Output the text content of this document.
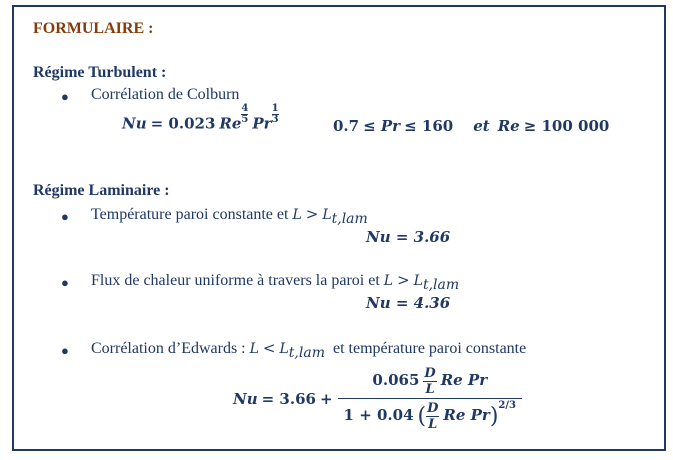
FORMULAIRE :
Régime Turbulent :
● Corrélation de Colburn
Nu = 0.023 Re $\frac{4}{5}$ Pr $\frac{1}{3}$
0.7 ≤ Pr ≤ 160 et Re ≥ 100 000
Régime Laminaire :
● Température paroi constante et $L > L_{t,lam}$
Nu = 3.66
● Flux de chaleur uniforme à travers la paroi et $L > L_{t,lam}$
Nu = 4.36
● Corrélation d’Edwards : $L < L_{t,lam}$ et température paroi constante
$Nu = 3.66 + \frac{0.065 \frac{D}{L} Re Pr}{1 + 0.04 ( \frac{D}{L} Re Pr)^{2/3}}$
